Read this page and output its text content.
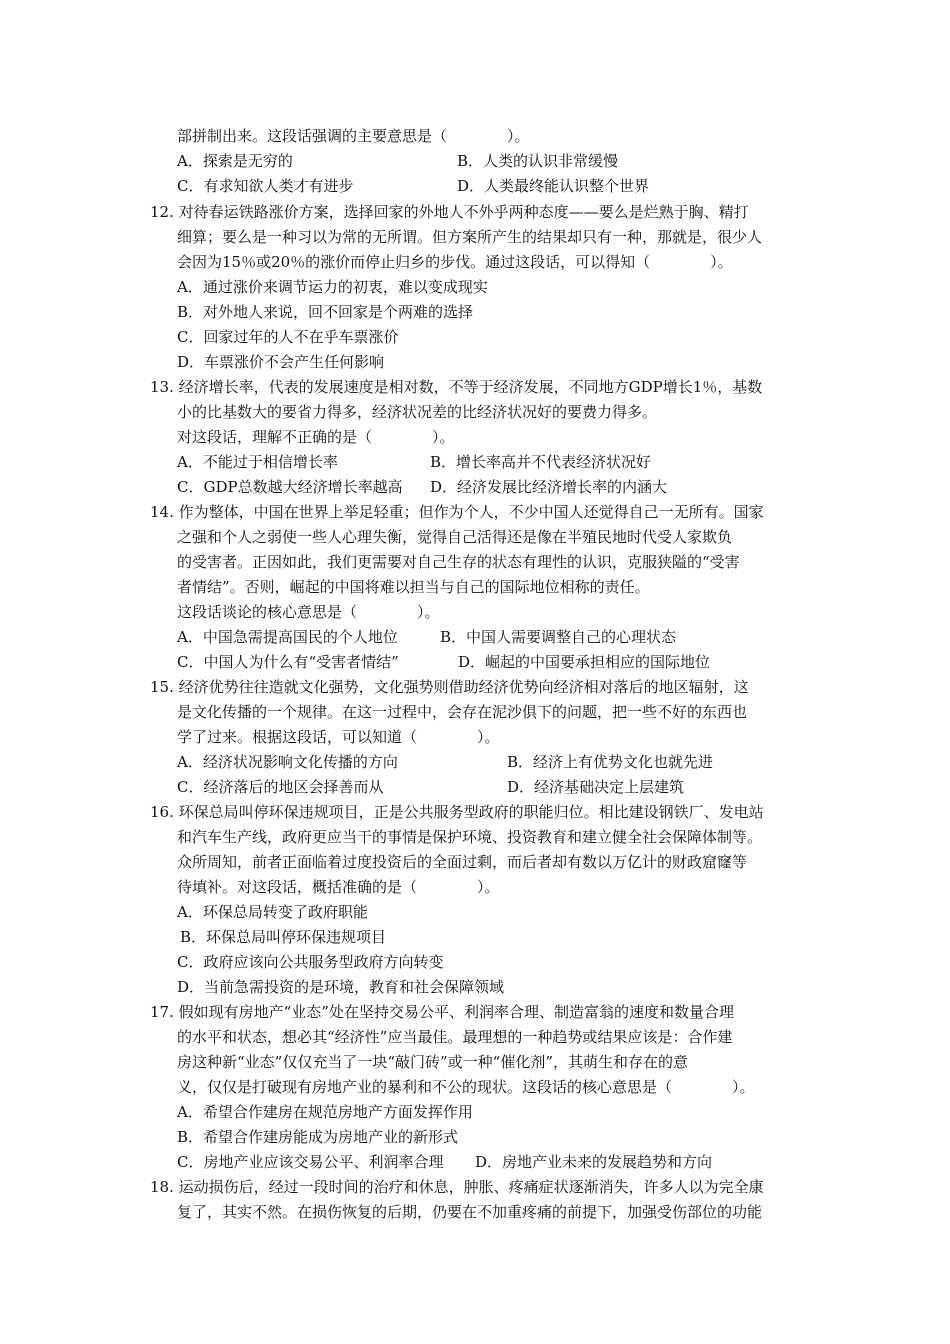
部拼制出来。这段话强调的主要意思是（　　　　）。
A．探索是无穷的	B．人类的认识非常缓慢
C．有求知欲人类才有进步	D．人类最终能认识整个世界
12. 对待春运铁路涨价方案，选择回家的外地人不外乎两种态度——要么是烂熟于胸、精打
细算；要么是一种习以为常的无所谓。但方案所产生的结果却只有一种，那就是，很少人
会因为15％或20％的涨价而停止归乡的步伐。通过这段话，可以得知（　　　　）。
A．通过涨价来调节运力的初衷，难以变成现实
B．对外地人来说，回不回家是个两难的选择
C．回家过年的人不在乎车票涨价
D．车票涨价不会产生任何影响
13. 经济增长率，代表的发展速度是相对数，不等于经济发展，不同地方GDP增长1％，基数
小的比基数大的要省力得多，经济状况差的比经济状况好的要费力得多。
对这段话，理解不正确的是（　　　　）。
A．不能过于相信增长率	B．增长率高并不代表经济状况好
C．GDP总数越大经济增长率越高 D．经济发展比经济增长率的内涵大
14. 作为整体，中国在世界上举足轻重；但作为个人，不少中国人还觉得自己一无所有。国家
之强和个人之弱使一些人心理失衡，觉得自己活得还是像在半殖民地时代受人家欺负
的受害者。正因如此，我们更需要对自己生存的状态有理性的认识，克服狭隘的“受害
者情结”。否则，崛起的中国将难以担当与自己的国际地位相称的责任。
这段话谈论的核心意思是（　　　　）。
A．中国急需提高国民的个人地位	B．中国人需要调整自己的心理状态
C．中国人为什么有“受害者情结”	D．崛起的中国要承担相应的国际地位
15. 经济优势往往造就文化强势，文化强势则借助经济优势向经济相对落后的地区辐射，这
是文化传播的一个规律。在这一过程中，会存在泥沙俱下的问题，把一些不好的东西也
学了过来。根据这段话，可以知道（　　　　）。
A．经济状况影响文化传播的方向	B．经济上有优势文化也就先进
C．经济落后的地区会择善而从	D．经济基础决定上层建筑
16. 环保总局叫停环保违规项目，正是公共服务型政府的职能归位。相比建设钢铁厂、发电站
和汽车生产线，政府更应当干的事情是保护环境、投资教育和建立健全社会保障体制等。
众所周知，前者正面临着过度投资后的全面过剩，而后者却有数以万亿计的财政窟窿等
待填补。对这段话，概括准确的是（　　　　）。
A．环保总局转变了政府职能
B．环保总局叫停环保违规项目
C．政府应该向公共服务型政府方向转变
D．当前急需投资的是环境，教育和社会保障领域
17. 假如现有房地产“业态”处在坚持交易公平、利润率合理、制造富翁的速度和数量合理
的水平和状态，想必其“经济性”应当最佳。最理想的一种趋势或结果应该是：合作建
房这种新“业态”仅仅充当了一块“敲门砖”或一种“催化剂”，其萌生和存在的意
义，仅仅是打破现有房地产业的暴利和不公的现状。这段话的核心意思是（　　　　）。
A．希望合作建房在规范房地产方面发挥作用
B．希望合作建房能成为房地产业的新形式
C．房地产业应该交易公平、利润率合理 D．房地产业未来的发展趋势和方向
18. 运动损伤后，经过一段时间的治疗和休息，肿胀、疼痛症状逐渐消失，许多人以为完全康
复了，其实不然。在损伤恢复的后期，仍要在不加重疼痛的前提下，加强受伤部位的功能
